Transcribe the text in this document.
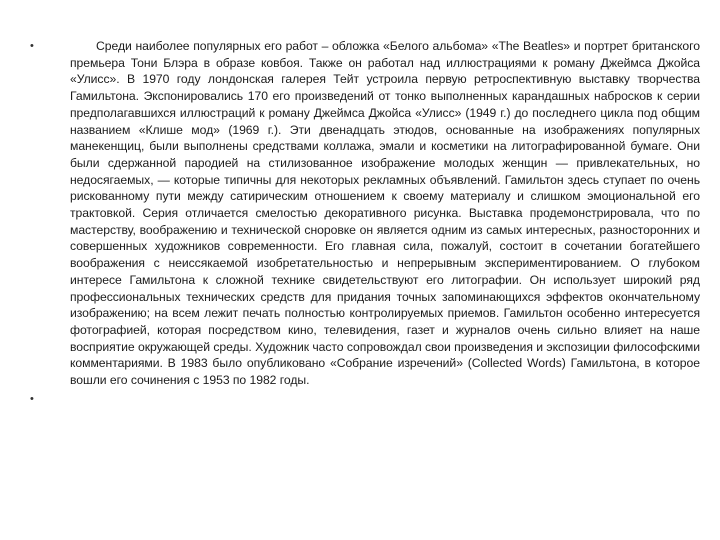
•	Среди наиболее популярных его работ – обложка «Белого альбома» «The Beatles» и портрет британского премьера Тони Блэра в образе ковбоя. Также он работал над иллюстрациями к роману Джеймса Джойса «Улисс». В 1970 году лондонская галерея Тейт устроила первую ретроспективную выставку творчества Гамильтона. Экспонировались 170 его произведений от тонко выполненных карандашных набросков к серии предполагавшихся иллюстраций к роману Джеймса Джойса «Улисс» (1949 г.) до последнего цикла под общим названием «Клише мод» (1969 г.). Эти двенадцать этюдов, основанные на изображениях популярных манекенщиц, были выполнены средствами коллажа, эмали и косметики на литографированной бумаге. Они были сдержанной пародией на стилизованное изображение молодых женщин — привлекательных, но недосягаемых, — которые типичны для некоторых рекламных объявлений. Гамильтон здесь ступает по очень рискованному пути между сатирическим отношением к своему материалу и слишком эмоциональной его трактовкой. Серия отличается смелостью декоративного рисунка. Выставка продемонстрировала, что по мастерству, воображению и технической сноровке он является одним из самых интересных, разносторонних и совершенных художников современности. Его главная сила, пожалуй, состоит в сочетании богатейшего воображения с неиссякаемой изобретательностью и непрерывным экспериментированием. О глубоком интересе Гамильтона к сложной технике свидетельствуют его литографии. Он использует широкий ряд профессиональных технических средств для придания точных запоминающихся эффектов окончательному изображению; на всем лежит печать полностью контролируемых приемов. Гамильтон особенно интересуется фотографией, которая посредством кино, телевидения, газет и журналов очень сильно влияет на наше восприятие окружающей среды. Художник часто сопровождал свои произведения и экспозиции философскими комментариями. В 1983 было опубликовано «Собрание изречений» (Collected Words) Гамильтона, в которое вошли его сочинения с 1953 по 1982 годы.

•
